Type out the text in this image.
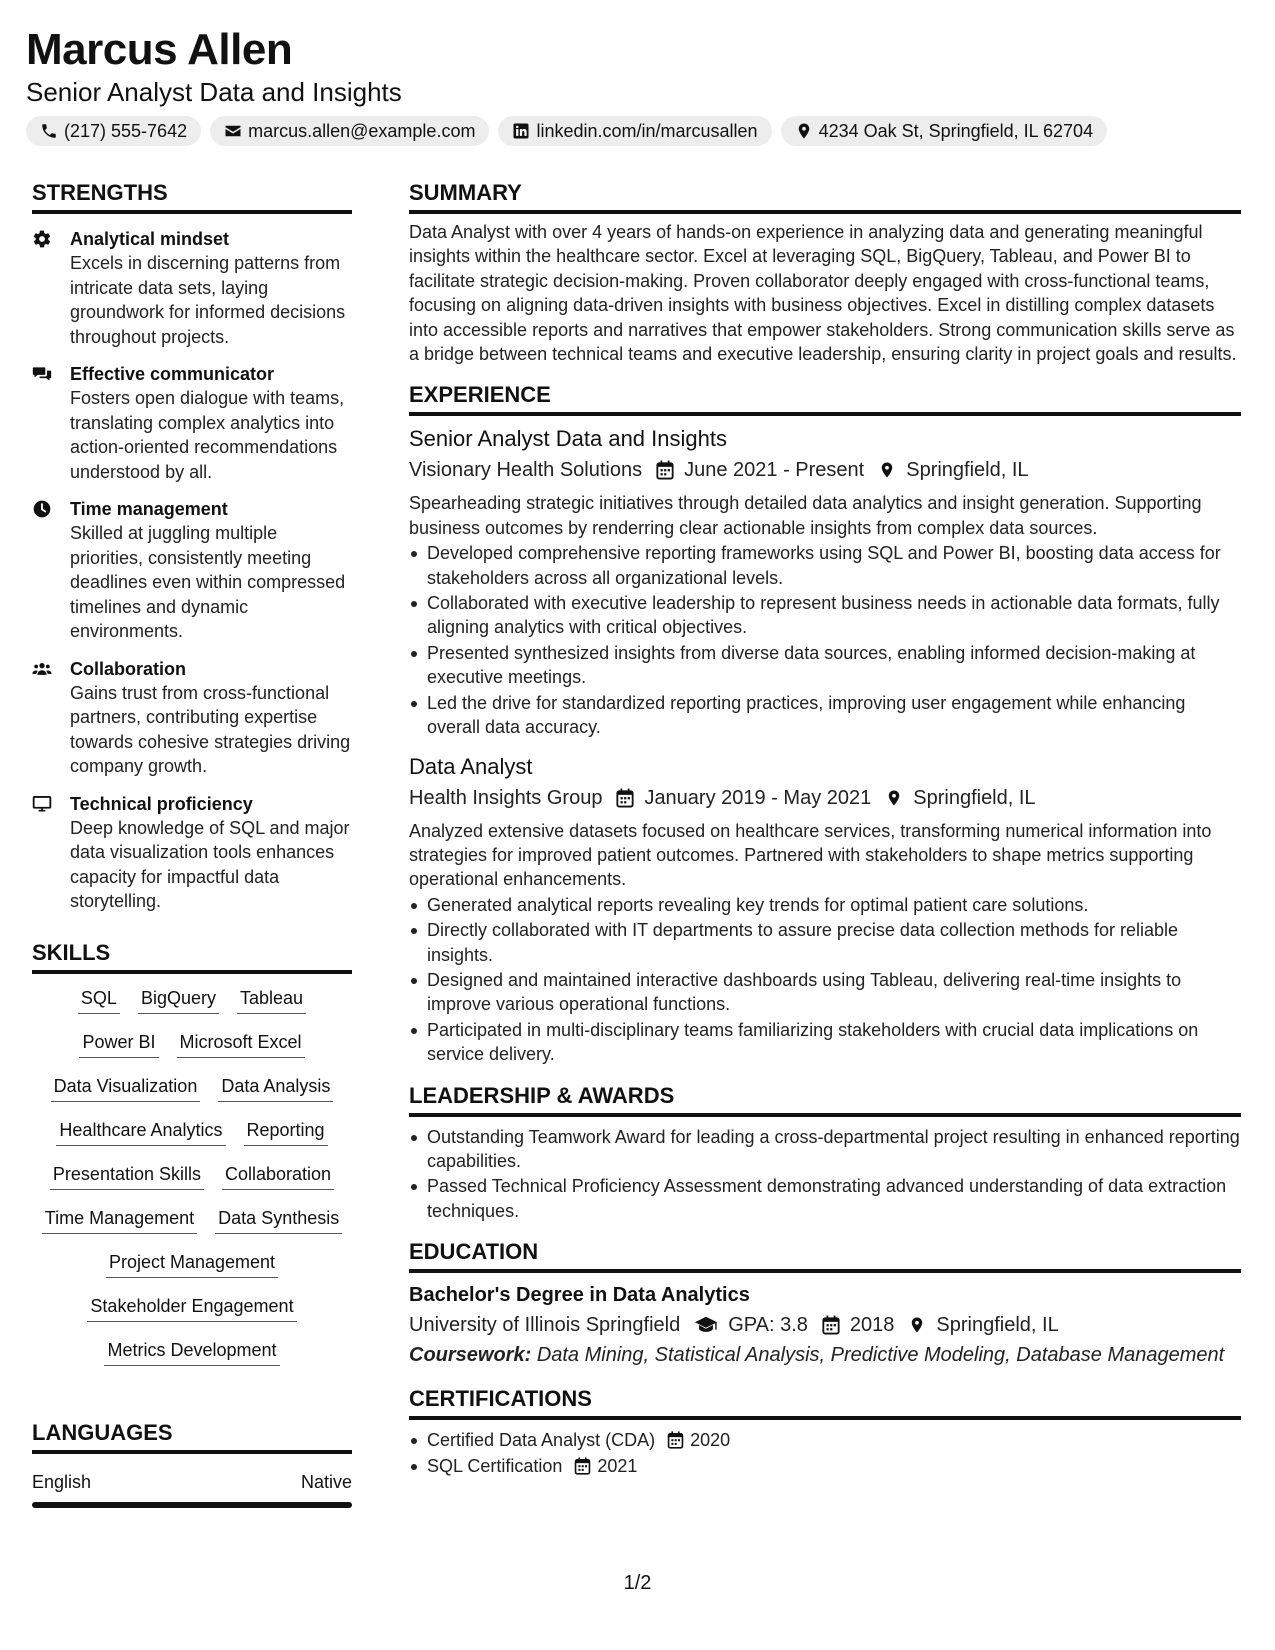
Marcus Allen
Senior Analyst Data and Insights
(217) 555-7642	marcus.allen@example.com	linkedin.com/in/marcusallen	4234 Oak St, Springfield, IL 62704
STRENGTHS
Analytical mindset
Excels in discerning patterns from intricate data sets, laying groundwork for informed decisions throughout projects.
Effective communicator
Fosters open dialogue with teams, translating complex analytics into action-oriented recommendations understood by all.
Time management
Skilled at juggling multiple priorities, consistently meeting deadlines even within compressed timelines and dynamic environments.
Collaboration
Gains trust from cross-functional partners, contributing expertise towards cohesive strategies driving company growth.
Technical proficiency
Deep knowledge of SQL and major data visualization tools enhances capacity for impactful data storytelling.
SKILLS
SQL BigQuery Tableau
Power BI Microsoft Excel
Data Visualization Data Analysis
Healthcare Analytics Reporting
Presentation Skills Collaboration
Time Management Data Synthesis
Project Management
Stakeholder Engagement
Metrics Development
LANGUAGES
English	Native
SUMMARY

Data Analyst with over 4 years of hands-on experience in analyzing data and generating meaningful insights within the healthcare sector. Excel at leveraging SQL, BigQuery, Tableau, and Power BI to facilitate strategic decision-making. Proven collaborator deeply engaged with cross-functional teams, focusing on aligning data-driven insights with business objectives. Excel in distilling complex datasets into accessible reports and narratives that empower stakeholders. Strong communication skills serve as a bridge between technical teams and executive leadership, ensuring clarity in project goals and results.

EXPERIENCE
Senior Analyst Data and Insights
Visionary Health Solutions June 2021 - Present Springfield, IL

Spearheading strategic initiatives through detailed data analytics and insight generation. Supporting business outcomes by renderring clear actionable insights from complex data sources.

Developed comprehensive reporting frameworks using SQL and Power BI, boosting data access for stakeholders across all organizational levels.
Collaborated with executive leadership to represent business needs in actionable data formats, fully aligning analytics with critical objectives.
Presented synthesized insights from diverse data sources, enabling informed decision-making at executive meetings.
Led the drive for standardized reporting practices, improving user engagement while enhancing overall data accuracy.
Data Analyst
Health Insights Group January 2019 - May 2021 Springfield, IL

Analyzed extensive datasets focused on healthcare services, transforming numerical information into strategies for improved patient outcomes. Partnered with stakeholders to shape metrics supporting operational enhancements.

Generated analytical reports revealing key trends for optimal patient care solutions.
Directly collaborated with IT departments to assure precise data collection methods for reliable insights.
Designed and maintained interactive dashboards using Tableau, delivering real-time insights to improve various operational functions.
Participated in multi-disciplinary teams familiarizing stakeholders with crucial data implications on service delivery.
LEADERSHIP & AWARDS
Outstanding Teamwork Award for leading a cross-departmental project resulting in enhanced reporting capabilities.
Passed Technical Proficiency Assessment demonstrating advanced understanding of data extraction techniques.
EDUCATION
Bachelor's Degree in Data Analytics
University of Illinois Springfield GPA: 3.8 2018 Springfield, IL
Coursework: Data Mining, Statistical Analysis, Predictive Modeling, Database Management
CERTIFICATIONS
Certified Data Analyst (CDA) 2020
SQL Certification 2021
1/2
